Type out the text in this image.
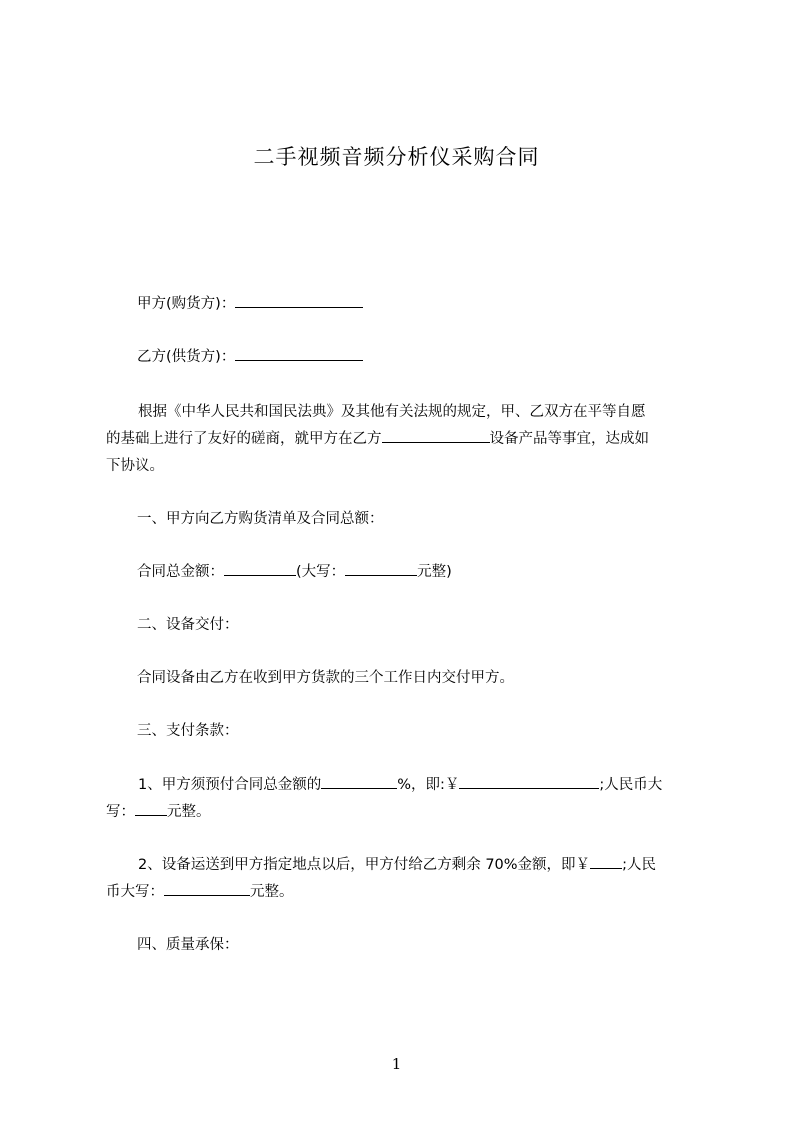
二手视频音频分析仪采购合同
甲方(购货方)：
乙方(供货方)：
根据《中华人民共和国民法典》及其他有关法规的规定，甲、乙双方在平等自愿
的基础上进行了友好的磋商，就甲方在乙方	设备产品等事宜，达成如
下协议。
一、甲方向乙方购货清单及合同总额：
合同总金额：	(大写：	元整)
二、设备交付：
合同设备由乙方在收到甲方货款的三个工作日内交付甲方。
三、支付条款：
1、甲方须预付合同总金额的	%，即:￥	;人民币大
写： 元整。
2、设备运送到甲方指定地点以后，甲方付给乙方剩余 70%金额，即￥ ;人民
币大写：	元整。
四、质量承保：
1
